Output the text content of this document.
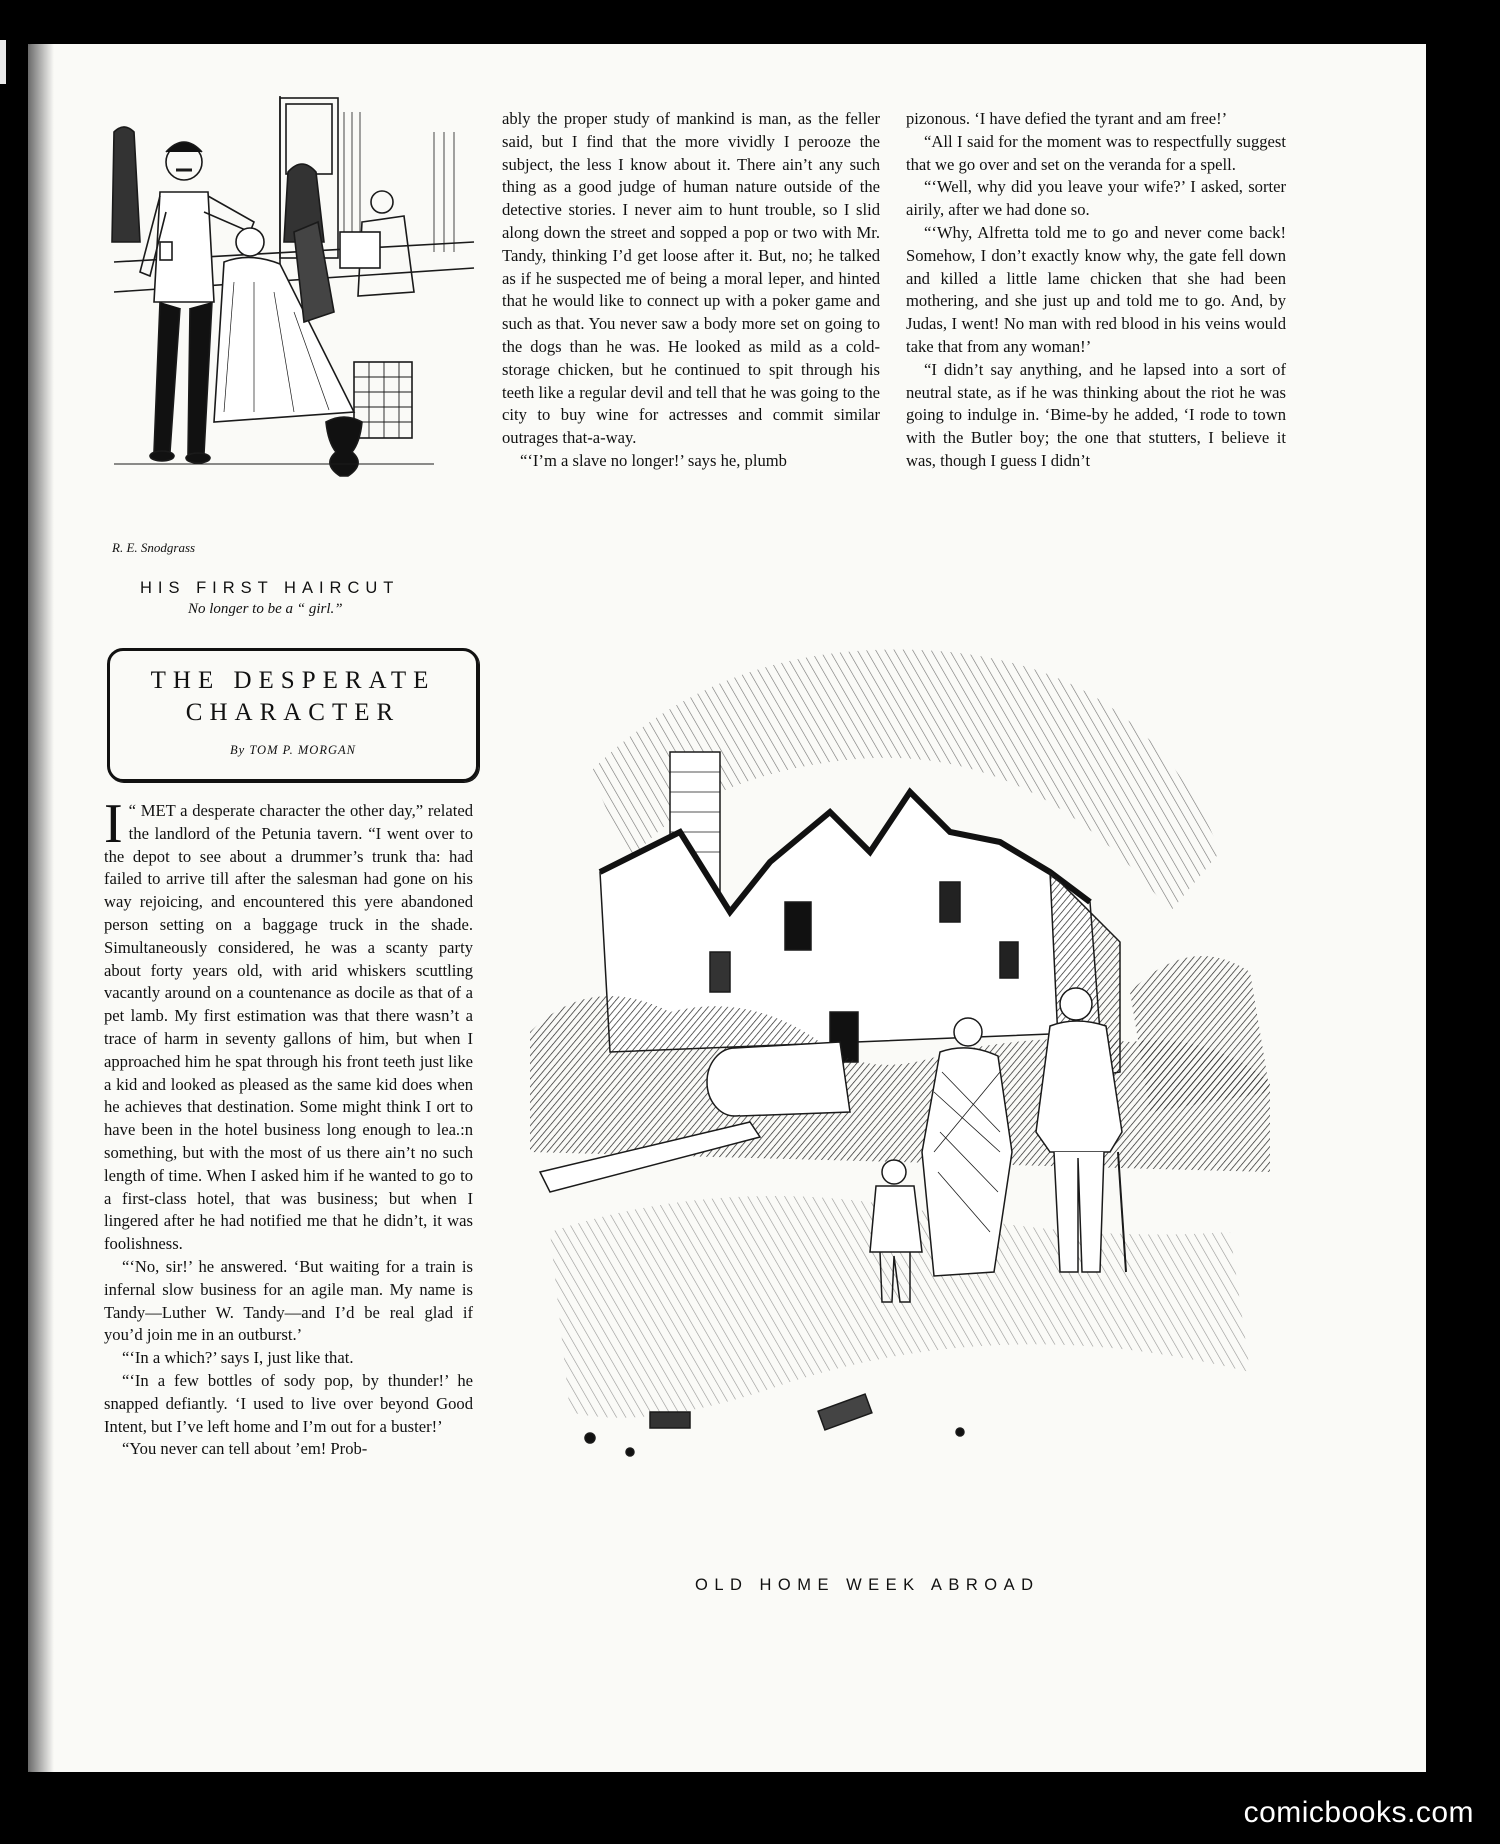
R. E. Snodgrass
HIS FIRST HAIRCUT
No longer to be a “ girl.”
THE DESPERATE
CHARACTER
By TOM P. MORGAN

I “ MET a desperate character the other day,” related the landlord of the Petunia tavern. “I went over to the depot to see about a drummer’s trunk tha: had failed to arrive till after the salesman had gone on his way rejoicing, and encountered this yere abandoned person setting on a baggage truck in the shade. Simultaneously considered, he was a scanty party about forty years old, with arid whiskers scuttling vacantly around on a countenance as docile as that of a pet lamb. My first estimation was that there wasn’t a trace of harm in seventy gallons of him, but when I approached him he spat through his front teeth just like a kid and looked as pleased as the same kid does when he achieves that destination. Some might think I ort to have been in the hotel business long enough to lea.:n something, but with the most of us there ain’t no such length of time. When I asked him if he wanted to go to a first-class hotel, that was business; but when I lingered after he had notified me that he didn’t, it was foolishness.

“‘No, sir!’ he answered. ‘But waiting for a train is infernal slow business for an agile man. My name is Tandy—Luther W. Tandy—and I’d be real glad if you’d join me in an outburst.’

“‘In a which?’ says I, just like that.

“‘In a few bottles of sody pop, by thunder!’ he snapped defiantly. ‘I used to live over beyond Good Intent, but I’ve left home and I’m out for a buster!’

“You never can tell about ’em! Prob-

ably the proper study of mankind is man, as the feller said, but I find that the more vividly I perooze the subject, the less I know about it. There ain’t any such thing as a good judge of human nature outside of the detective stories. I never aim to hunt trouble, so I slid along down the street and sopped a pop or two with Mr. Tandy, thinking I’d get loose after it. But, no; he talked as if he suspected me of being a moral leper, and hinted that he would like to connect up with a poker game and such as that. You never saw a body more set on going to the dogs than he was. He looked as mild as a cold-storage chicken, but he continued to spit through his teeth like a regular devil and tell that he was going to the city to buy wine for actresses and commit similar outrages that-a-way.

“‘I’m a slave no longer!’ says he, plumb

pizonous. ‘I have defied the tyrant and am free!’

“All I said for the moment was to respectfully suggest that we go over and set on the veranda for a spell.

“‘Well, why did you leave your wife?’ I asked, sorter airily, after we had done so.

“‘Why, Alfretta told me to go and never come back! Somehow, I don’t exactly know why, the gate fell down and killed a little lame chicken that she had been mothering, and she just up and told me to go. And, by Judas, I went! No man with red blood in his veins would take that from any woman!’

“I didn’t say anything, and he lapsed into a sort of neutral state, as if he was thinking about the riot he was going to indulge in. ‘Bime-by he added, ‘I rode to town with the Butler boy; the one that stutters, I believe it was, though I guess I didn’t

OLD HOME WEEK ABROAD
comicbooks.com
